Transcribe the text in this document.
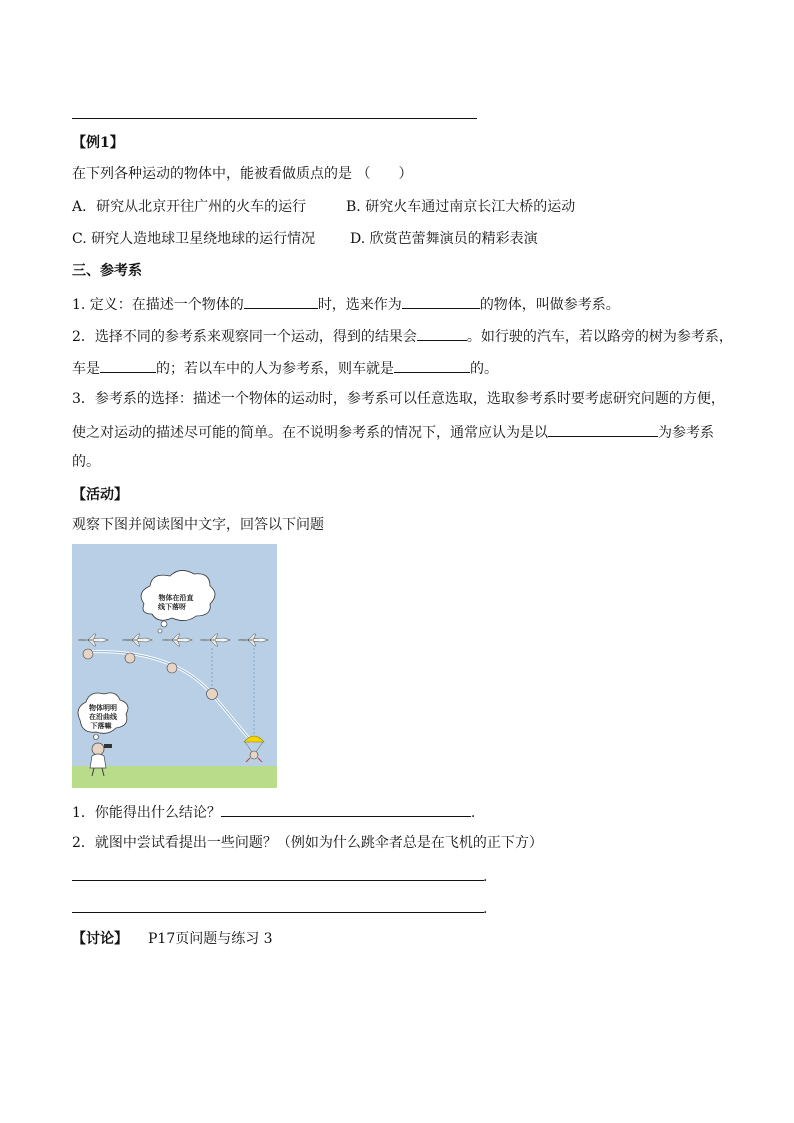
【例1】
在下列各种运动的物体中，能被看做质点的是 （　　）
A．研究从北京开往广州的火车的运行	B. 研究火车通过南京长江大桥的运动
C. 研究人造地球卫星绕地球的运行情况 D. 欣赏芭蕾舞演员的精彩表演
三、参考系
1. 定义：在描述一个物体的	时，选来作为	的物体，叫做参考系。
2．选择不同的参考系来观察同一个运动，得到的结果会	。如行驶的汽车，若以路旁的树为参考系，
车是	的；若以车中的人为参考系，则车就是	的。
3．参考系的选择：描述一个物体的运动时，参考系可以任意选取，选取参考系时要考虑研究问题的方便，
使之对运动的描述尽可能的简单。在不说明参考系的情况下，通常应认为是以	为参考系
的。
【活动】
观察下图并阅读图中文字，回答以下问题
物体在沿直
线下落呀
物体明明
在沿曲线
下落嘛
1．你能得出什么结论？	.
2．就图中尝试看提出一些问题？（例如为什么跳伞者总是在飞机的正下方）
.
.
【讨论】 P17页问题与练习 3
